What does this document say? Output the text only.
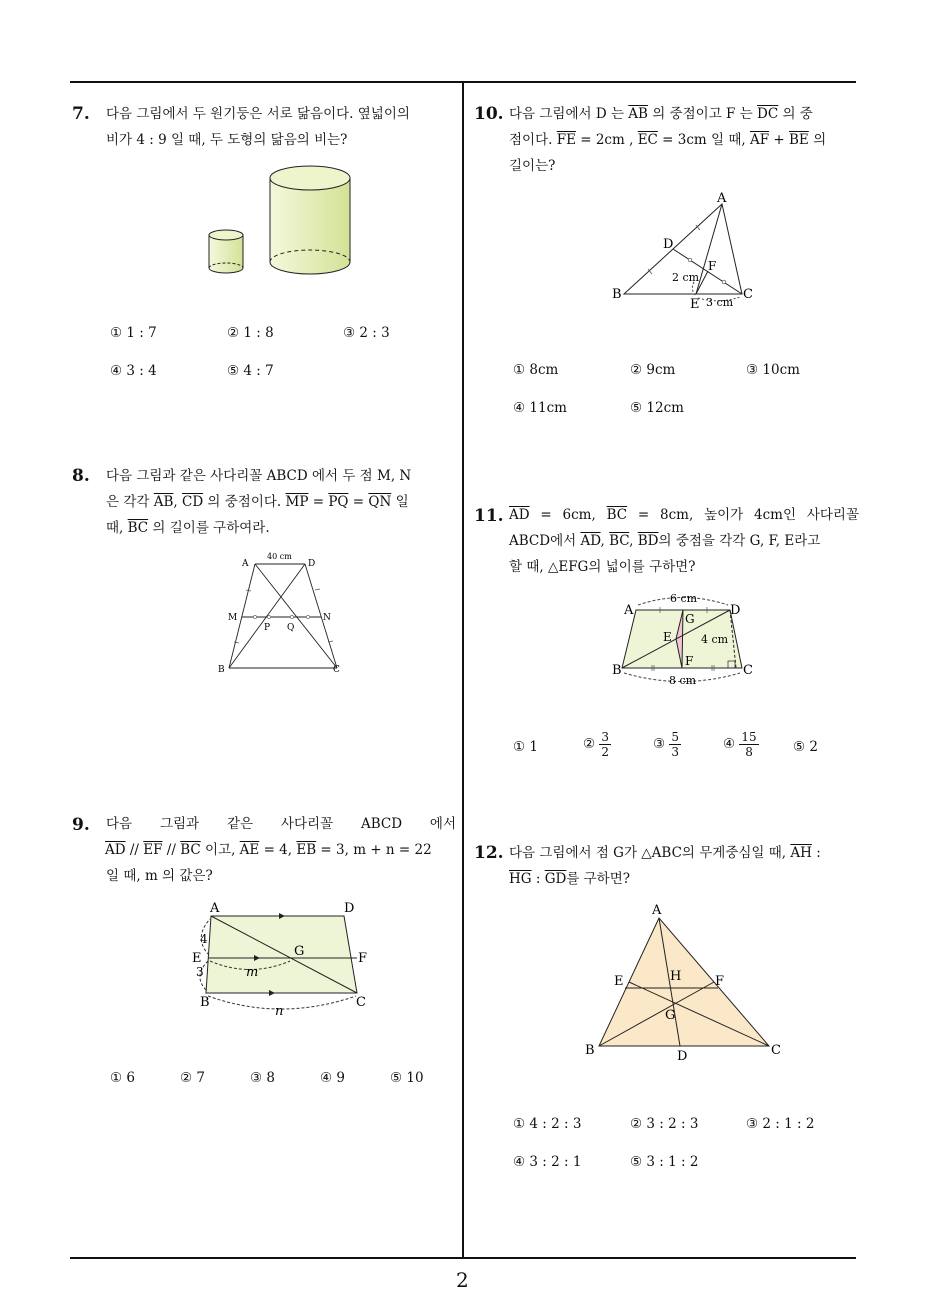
2
7. 다음 그림에서 두 원기둥은 서로 닮음이다. 옆넓이의
비가 4 : 9 일 때, 두 도형의 닮음의 비는?
① 1 : 7	② 1 : 8	③ 2 : 3
④ 3 : 4	⑤ 4 : 7
8. 다음 그림과 같은 사다리꼴 ABCD 에서 두 점 M, N
은 각각 $\overline{AB}$, $\overline{CD}$ 의 중점이다. $\overline{MP} = \overline{PQ} = \overline{QN}$ 일
때, $\overline{BC}$ 의 길이를 구하여라.
40 cm
A	D
M	N
P Q
B	C
9. 다음 그림과 같은 사다리꼴 ABCD 에서
$\overline{AD} // \overline{EF} // \overline{BC}$ 이고, $\overline{AE} = 4$, $\overline{EB} = 3$, m + n = 22
일 때, m 의 값은?
A	D
E	F
G
B	C
4
3	m
n
① 6	② 7	③ 8	④ 9	⑤ 10
10. 다음 그림에서 D 는 $\overline{AB}$ 의 중점이고 F 는 $\overline{DC}$ 의 중
점이다. $\overline{FE} = 2cm$ , $\overline{EC} = 3cm$ 일 때, $\overline{AF} + \overline{BE}$ 의
길이는?
A
D
F
B
E
C
2 cm
3 cm
① 8cm	② 9cm	③ 10cm
④ 11cm	⑤ 12cm
11. $\overline{AD} = 6cm$, $\overline{BC} = 8cm$, 높이가 4cm인 사다리꼴
ABCD에서 $\overline{AD}$, $\overline{BC}$, $\overline{BD}$의 중점을 각각 G, F, E라고
할 때, △EFG의 넓이를 구하면?
A	D
G
E
F
B	C
6 cm
4 cm
8 cm
① 1	② $\frac{3}{2}$	③ $\frac{5}{3}$	④ $\frac{15}{8}$	⑤ 2
12. 다음 그림에서 점 G가 △ABC의 무게중심일 때, $\overline{AH}$ :
$\overline{HG}$ : $\overline{GD}$를 구하면?
A
E	H	F
G
B	D	C
① 4 : 2 : 3	② 3 : 2 : 3	③ 2 : 1 : 2
④ 3 : 2 : 1	⑤ 3 : 1 : 2
